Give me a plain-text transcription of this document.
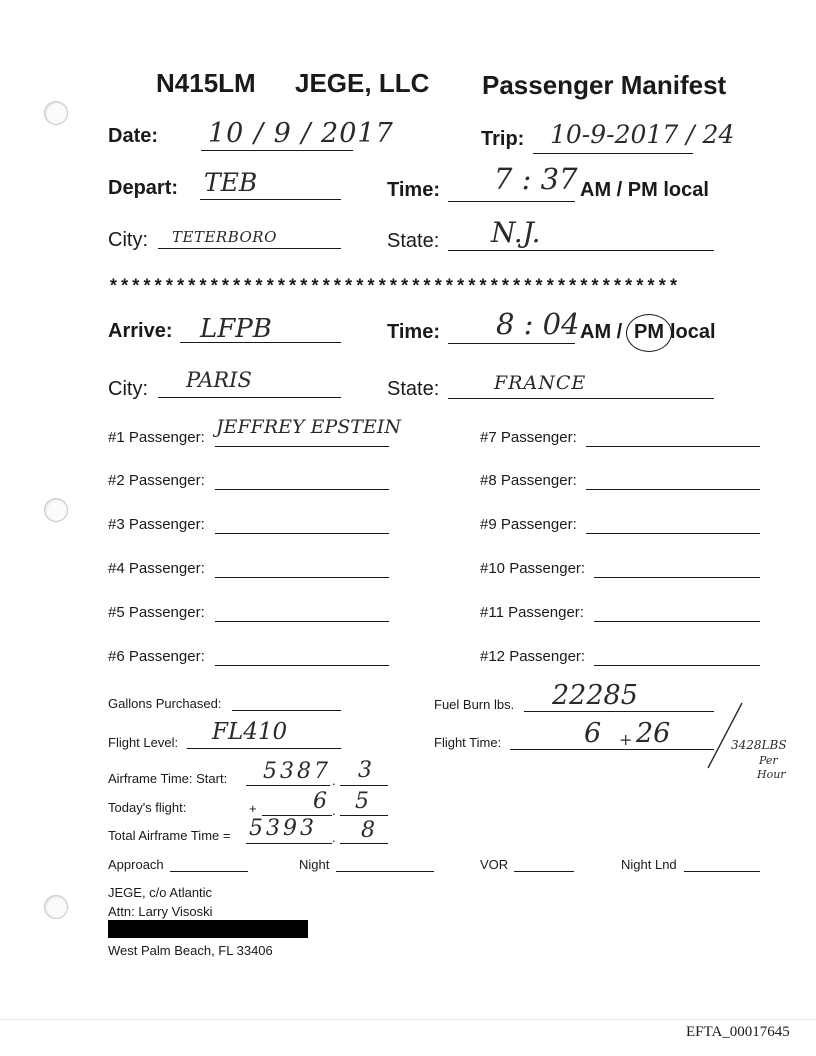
N415LM JEGE, LLC Passenger Manifest
Date: 10 / 9 / 2017	Trip: 10-9-2017 / 24
Depart: TEB	Time: 7 : 37 AM / PM local
City: TETERBORO	State: N.J.
***************************************************
Arrive: LFPB	Time: 8 : 04 AM / PM local
City: PARIS	State:	FRANCE
#1 Passenger: JEFFREY EPSTEIN
#2 Passenger:
#3 Passenger:
#4 Passenger:
#5 Passenger:
#6 Passenger:
#7 Passenger:
#8 Passenger:
#9 Passenger:
#10 Passenger:
#11 Passenger:
#12 Passenger:
Gallons Purchased:	Fuel Burn lbs. 22285
Flight Level: FL410	Flight Time:	6 + 26	3428LBS
Per
Hour
Airframe Time: Start: 5387 . 3
Today's flight:	+	6 . 5
Total Airframe Time = 5393 . 8
Approach	Night	VOR	Night Lnd
JEGE, c/o Atlantic
Attn: Larry Visoski
West Palm Beach, FL 33406
EFTA_00017645
